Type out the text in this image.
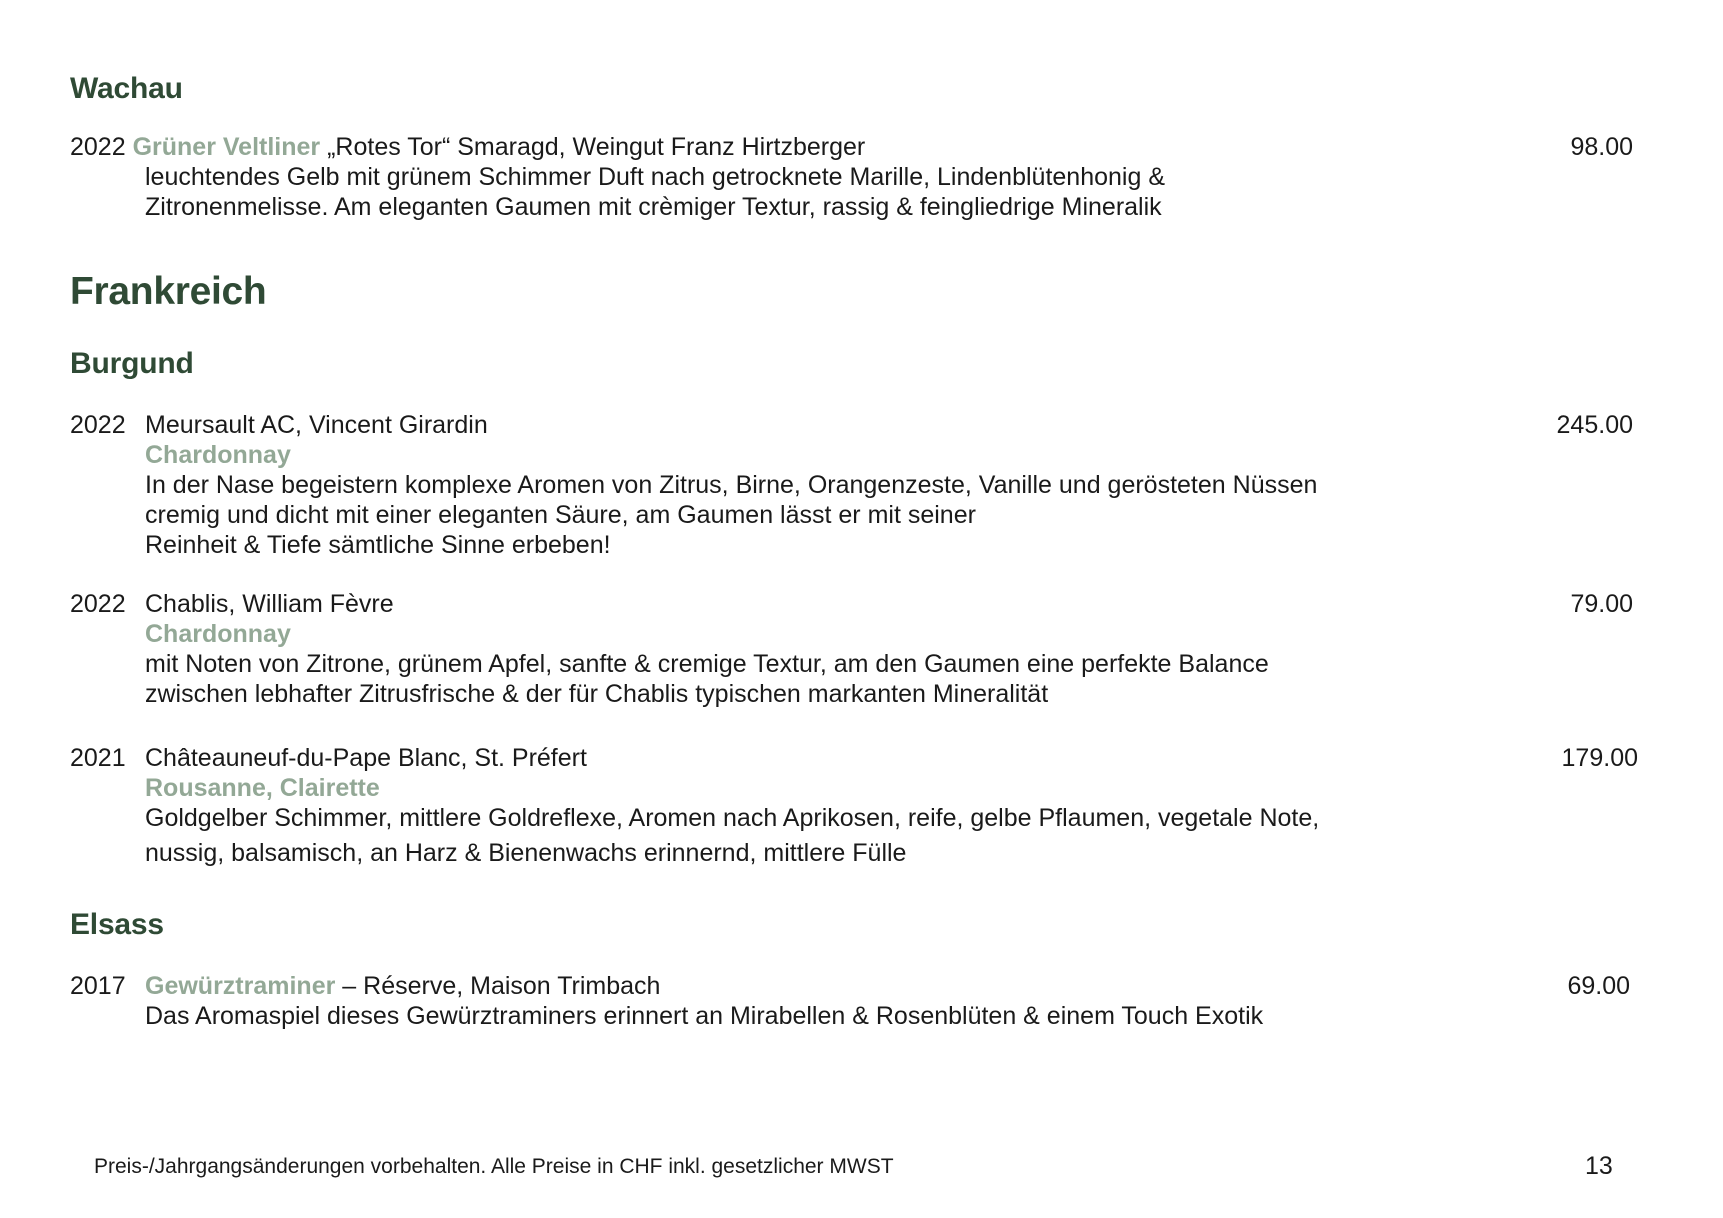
Wachau
2022 Grüner Veltliner „Rotes Tor“ Smaragd, Weingut Franz Hirtzberger	98.00
leuchtendes Gelb mit grünem Schimmer Duft nach getrocknete Marille, Lindenblütenhonig &
Zitronenmelisse. Am eleganten Gaumen mit crèmiger Textur, rassig & feingliedrige Mineralik
Frankreich
Burgund
2022 Meursault AC, Vincent Girardin	245.00
Chardonnay
In der Nase begeistern komplexe Aromen von Zitrus, Birne, Orangenzeste, Vanille und gerösteten Nüssen
cremig und dicht mit einer eleganten Säure, am Gaumen lässt er mit seiner
Reinheit & Tiefe sämtliche Sinne erbeben!
2022 Chablis, William Fèvre	79.00
Chardonnay
mit Noten von Zitrone, grünem Apfel, sanfte & cremige Textur, am den Gaumen eine perfekte Balance
zwischen lebhafter Zitrusfrische & der für Chablis typischen markanten Mineralität
2021 Châteauneuf-du-Pape Blanc, St. Préfert	179.00
Rousanne, Clairette
Goldgelber Schimmer, mittlere Goldreflexe, Aromen nach Aprikosen, reife, gelbe Pflaumen, vegetale Note,
nussig, balsamisch, an Harz & Bienenwachs erinnernd, mittlere Fülle
Elsass
2017 Gewürztraminer – Réserve, Maison Trimbach	69.00
Das Aromaspiel dieses Gewürztraminers erinnert an Mirabellen & Rosenblüten & einem Touch Exotik
Preis-/Jahrgangsänderungen vorbehalten. Alle Preise in CHF inkl. gesetzlicher MWST	13
